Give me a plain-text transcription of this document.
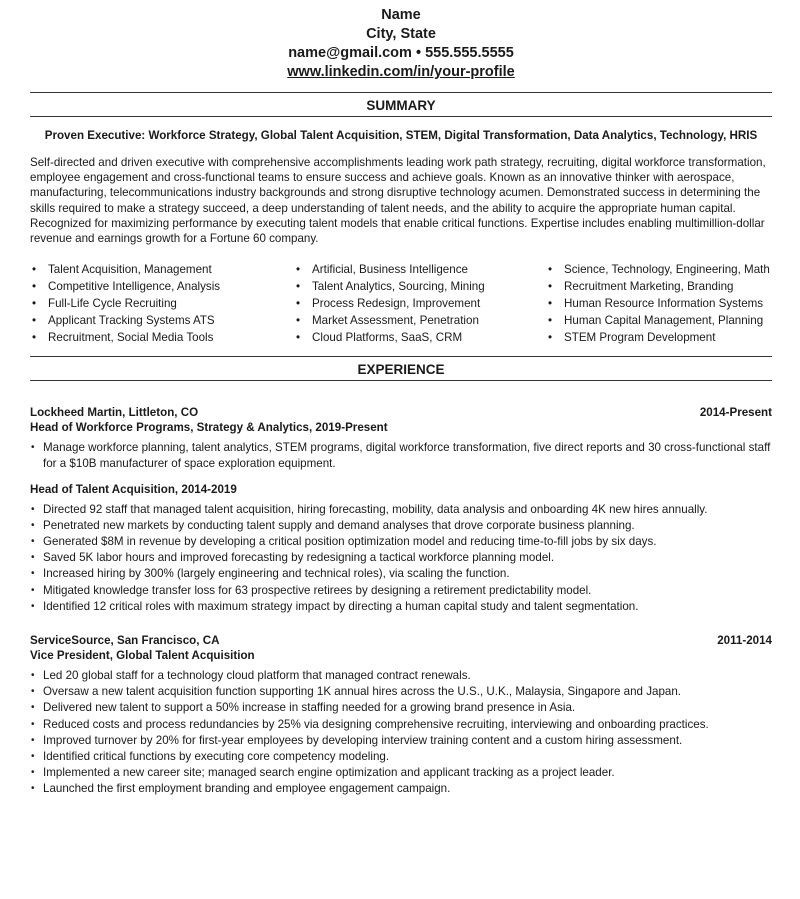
Name
City, State
name@gmail.com • 555.555.5555
www.linkedin.com/in/your-profile
SUMMARY
Proven Executive: Workforce Strategy, Global Talent Acquisition, STEM, Digital Transformation, Data Analytics, Technology, HRIS
Self-directed and driven executive with comprehensive accomplishments leading work path strategy, recruiting, digital workforce transformation, employee engagement and cross-functional teams to ensure success and achieve goals. Known as an innovative thinker with aerospace, manufacturing, telecommunications industry backgrounds and strong disruptive technology acumen. Demonstrated success in determining the skills required to make a strategy succeed, a deep understanding of talent needs, and the ability to acquire the appropriate human capital. Recognized for maximizing performance by executing talent models that enable critical functions. Expertise includes enabling multimillion-dollar revenue and earnings growth for a Fortune 60 company.
• Talent Acquisition, Management
• Competitive Intelligence, Analysis
• Full-Life Cycle Recruiting
• Applicant Tracking Systems ATS
• Recruitment, Social Media Tools
• Artificial, Business Intelligence
• Talent Analytics, Sourcing, Mining
• Process Redesign, Improvement
• Market Assessment, Penetration
• Cloud Platforms, SaaS, CRM
• Science, Technology, Engineering, Math
• Recruitment Marketing, Branding
• Human Resource Information Systems
• Human Capital Management, Planning
• STEM Program Development
EXPERIENCE
Lockheed Martin, Littleton, CO	2014-Present
Head of Workforce Programs, Strategy & Analytics, 2019-Present
• Manage workforce planning, talent analytics, STEM programs, digital workforce transformation, five direct reports and 30 cross-functional staff for a $10B manufacturer of space exploration equipment.
Head of Talent Acquisition, 2014-2019
• Directed 92 staff that managed talent acquisition, hiring forecasting, mobility, data analysis and onboarding 4K new hires annually.
• Penetrated new markets by conducting talent supply and demand analyses that drove corporate business planning.
• Generated $8M in revenue by developing a critical position optimization model and reducing time-to-fill jobs by six days.
• Saved 5K labor hours and improved forecasting by redesigning a tactical workforce planning model.
• Increased hiring by 300% (largely engineering and technical roles), via scaling the function.
• Mitigated knowledge transfer loss for 63 prospective retirees by designing a retirement predictability model.
• Identified 12 critical roles with maximum strategy impact by directing a human capital study and talent segmentation.
ServiceSource, San Francisco, CA	2011-2014
Vice President, Global Talent Acquisition
• Led 20 global staff for a technology cloud platform that managed contract renewals.
• Oversaw a new talent acquisition function supporting 1K annual hires across the U.S., U.K., Malaysia, Singapore and Japan.
• Delivered new talent to support a 50% increase in staffing needed for a growing brand presence in Asia.
• Reduced costs and process redundancies by 25% via designing comprehensive recruiting, interviewing and onboarding practices.
• Improved turnover by 20% for first-year employees by developing interview training content and a custom hiring assessment.
• Identified critical functions by executing core competency modeling.
• Implemented a new career site; managed search engine optimization and applicant tracking as a project leader.
• Launched the first employment branding and employee engagement campaign.
